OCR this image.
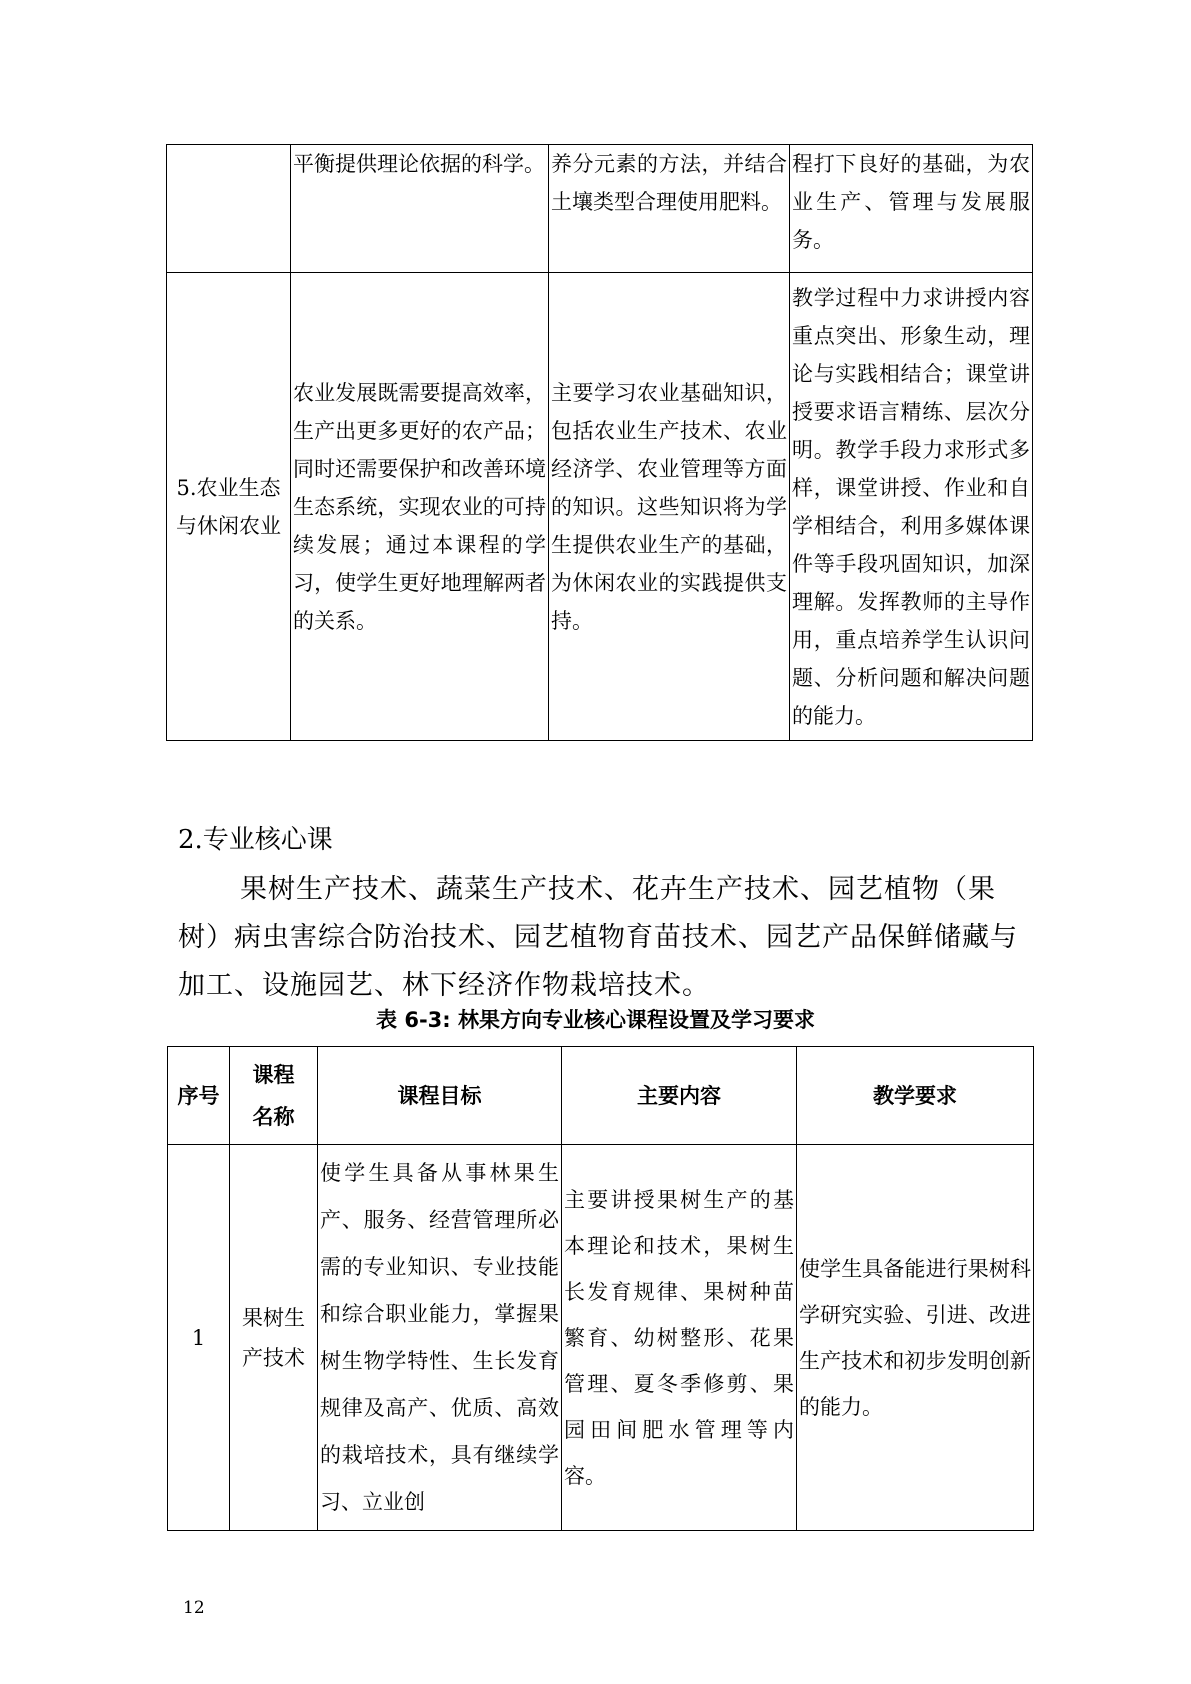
	平衡提供理论依据的科学。	养分元素的方法，并结合土壤类型合理使用肥料。	程打下良好的基础，为农业生产、管理与发展服务。
5.农业生态与休闲农业	农业发展既需要提高效率，生产出更多更好的农产品；同时还需要保护和改善环境生态系统，实现农业的可持续发展；通过本课程的学习，使学生更好地理解两者的关系。	主要学习农业基础知识，包括农业生产技术、农业经济学、农业管理等方面的知识。这些知识将为学生提供农业生产的基础，为休闲农业的实践提供支持。	教学过程中力求讲授内容重点突出、形象生动，理论与实践相结合；课堂讲授要求语言精练、层次分明。教学手段力求形式多样，课堂讲授、作业和自学相结合，利用多媒体课件等手段巩固知识，加深理解。发挥教师的主导作用，重点培养学生认识问题、分析问题和解决问题的能力。
2.专业核心课
果树生产技术、蔬菜生产技术、花卉生产技术、园艺植物（果树）病虫害综合防治技术、园艺植物育苗技术、园艺产品保鲜储藏与加工、设施园艺、林下经济作物栽培技术。
表 6-3: 林果方向专业核心课程设置及学习要求
序号	课程名称	课程目标	主要内容	教学要求
1	果树生产技术	使学生具备从事林果生产、服务、经营管理所必需的专业知识、专业技能和综合职业能力，掌握果树生物学特性、生长发育规律及高产、优质、高效的栽培技术，具有继续学习、立业创	主要讲授果树生产的基本理论和技术，果树生长发育规律、果树种苗繁育、幼树整形、花果管理、夏冬季修剪、果园田间肥水管理等内容。	使学生具备能进行果树科学研究实验、引进、改进生产技术和初步发明创新的能力。
12
